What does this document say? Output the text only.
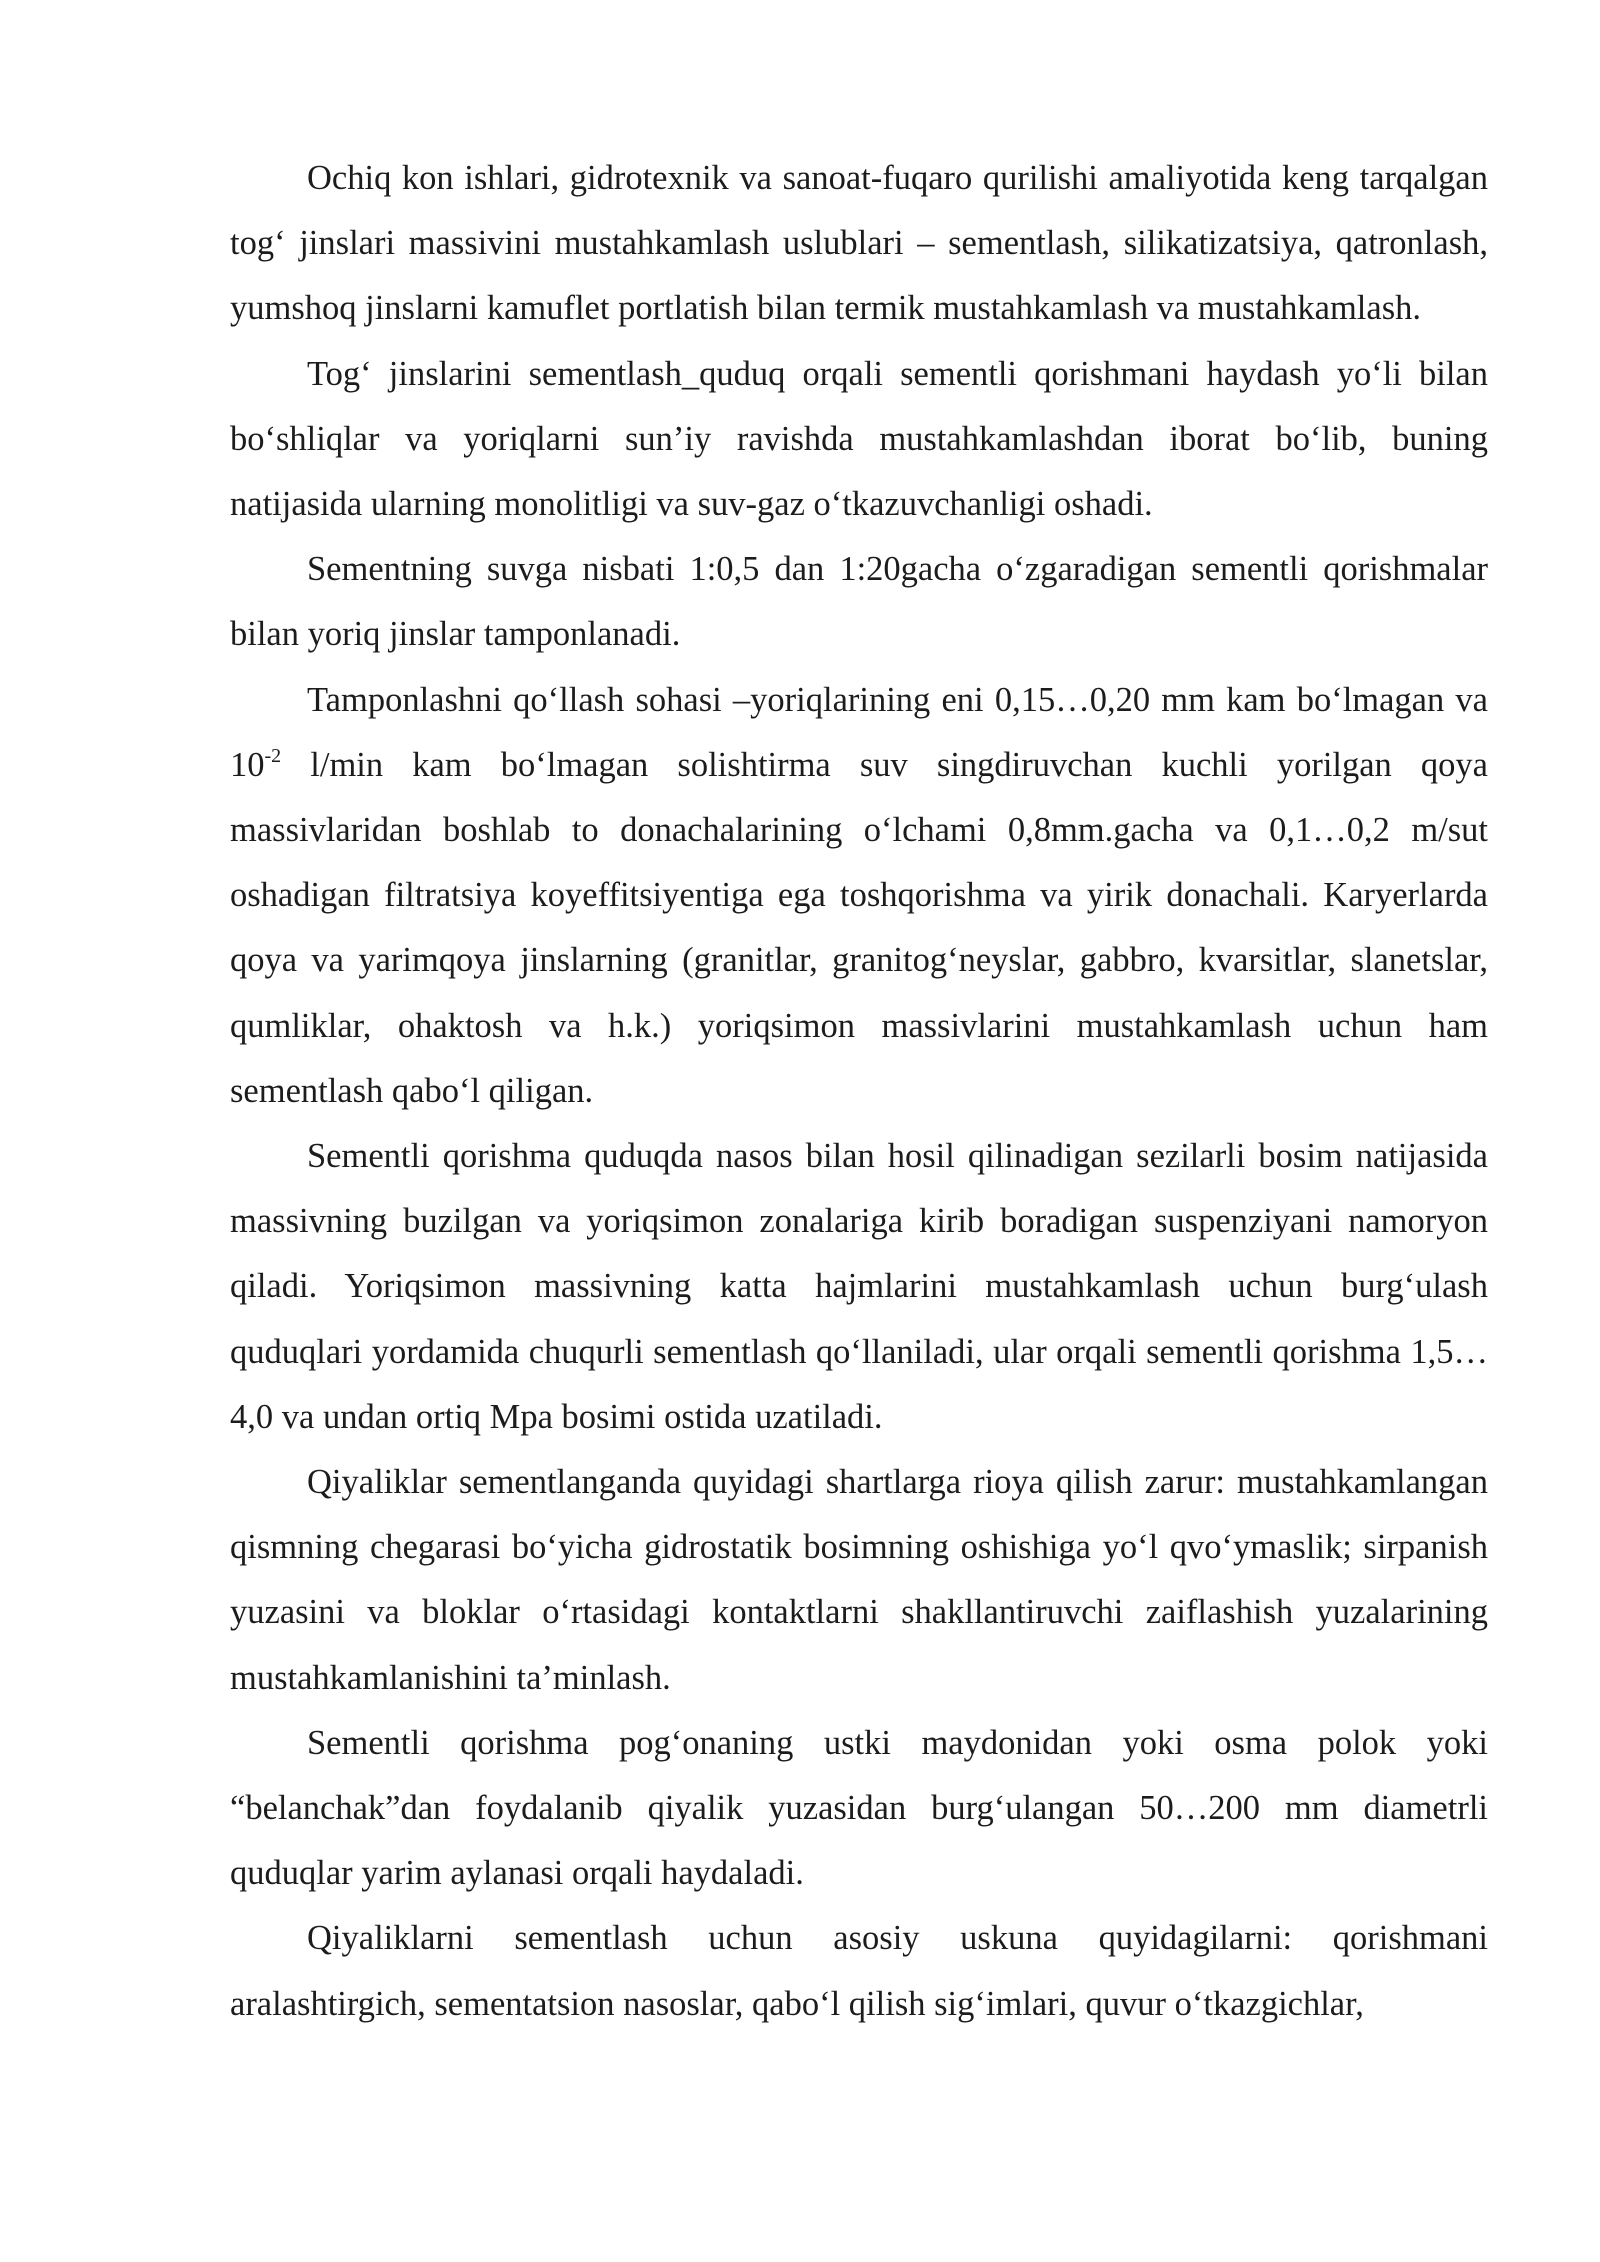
Ochiq kon ishlari, gidrotexnik va sanoat-fuqaro qurilishi amaliyotida keng tarqalgan tog‘ jinslari massivini mustahkamlash uslublari – sementlash, silikatizatsiya, qatronlash, yumshoq jinslarni kamuflet portlatish bilan termik mustahkamlash va mustahkamlash.

Tog‘ jinslarini sementlash_quduq orqali sementli qorishmani haydash yo‘li bilan bo‘shliqlar va yoriqlarni sun’iy ravishda mustahkamlashdan iborat bo‘lib, buning natijasida ularning monolitligi va suv-gaz o‘tkazuvchanligi oshadi.

Sementning suvga nisbati 1:0,5 dan 1:20gacha o‘zgaradigan sementli qorishmalar bilan yoriq jinslar tamponlanadi.

Tamponlashni qo‘llash sohasi –yoriqlarining eni 0,15…0,20 mm kam bo‘lmagan va $10^{-2}$ l/min kam bo‘lmagan solishtirma suv singdiruvchan kuchli yorilgan qoya massivlaridan boshlab to donachalarining o‘lchami 0,8mm.gacha va 0,1…0,2 m/sut oshadigan filtratsiya koyeffitsiyentiga ega toshqorishma va yirik donachali. Karyerlarda qoya va yarimqoya jinslarning (granitlar, granitog‘neyslar, gabbro, kvarsitlar, slanetslar, qumliklar, ohaktosh va h.k.) yoriqsimon massivlarini mustahkamlash uchun ham sementlash qabo‘l qiligan.

Sementli qorishma quduqda nasos bilan hosil qilinadigan sezilarli bosim natijasida massivning buzilgan va yoriqsimon zonalariga kirib boradigan suspenziyani namoryon qiladi. Yoriqsimon massivning katta hajmlarini mustahkamlash uchun burg‘ulash quduqlari yordamida chuqurli sementlash qo‘llaniladi, ular orqali sementli qorishma 1,5…4,0 va undan ortiq Mpa bosimi ostida uzatiladi.

Qiyaliklar sementlanganda quyidagi shartlarga rioya qilish zarur: mustahkamlangan qismning chegarasi bo‘yicha gidrostatik bosimning oshishiga yo‘l qvo‘ymaslik; sirpanish yuzasini va bloklar o‘rtasidagi kontaktlarni shakllantiruvchi zaiflashish yuzalarining mustahkamlanishini ta’minlash.

Sementli qorishma pog‘onaning ustki maydonidan yoki osma polok yoki “belanchak”dan foydalanib qiyalik yuzasidan burg‘ulangan 50…200 mm diametrli quduqlar yarim aylanasi orqali haydaladi.

Qiyaliklarni sementlash uchun asosiy uskuna quyidagilarni: qorishmani aralashtirgich, sementatsion nasoslar, qabo‘l qilish sig‘imlari, quvur o‘tkazgichlar,
